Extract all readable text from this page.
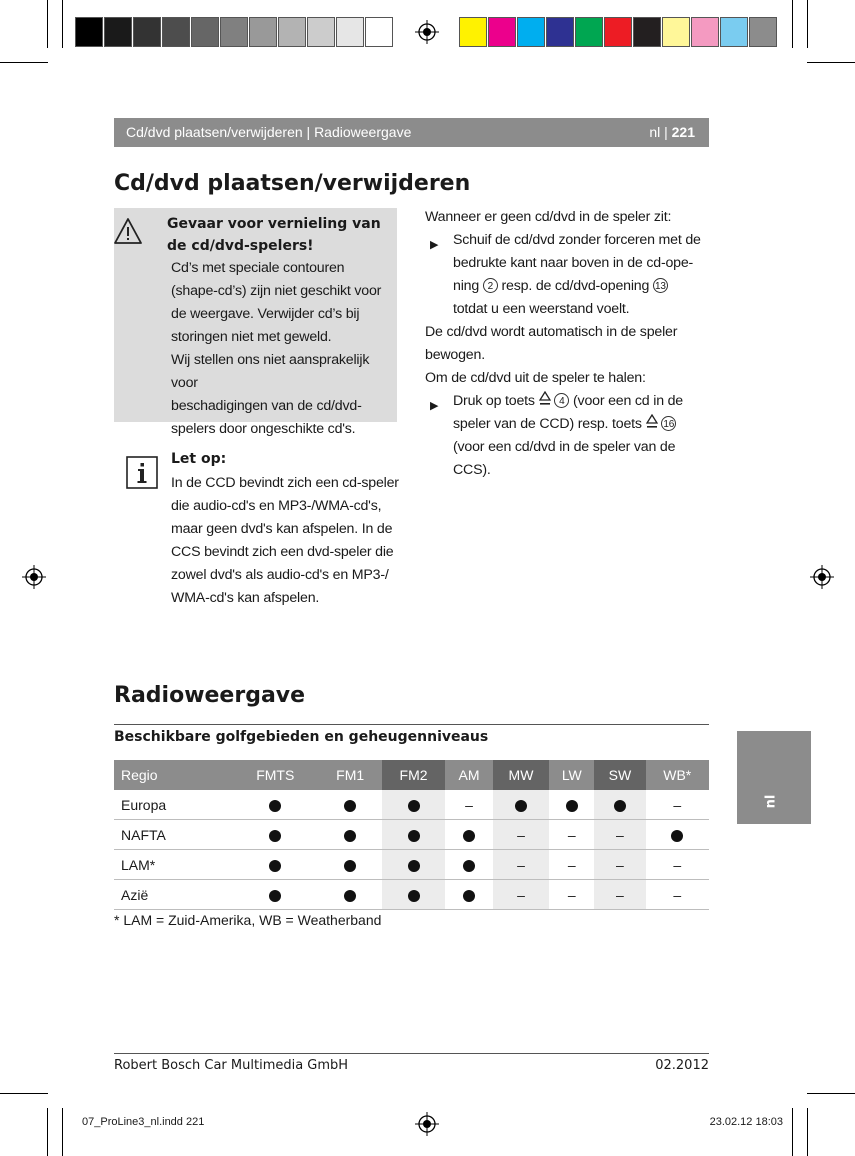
Cd/dvd plaatsen/verwijderen | Radioweergave	nl | 221
Cd/dvd plaatsen/verwijderen
Gevaar voor vernieling van
de cd/dvd-spelers!
Cd’s met speciale contouren
(shape-cd’s) zijn niet geschikt voor
de weergave. Verwijder cd’s bij
storingen niet met geweld.
Wij stellen ons niet aansprakelijk voor
beschadigingen van de cd/dvd-
spelers door ongeschikte cd's.
Let op:
In de CCD bevindt zich een cd-speler
die audio-cd's en MP3-/WMA-cd's,
maar geen dvd's kan afspelen. In de
CCS bevindt zich een dvd-speler die
zowel dvd's als audio-cd's en MP3-/
WMA-cd's kan afspelen.
Wanneer er geen cd/dvd in de speler zit:
▶ Schuif de cd/dvd zonder forceren met de
bedrukte kant naar boven in de cd-ope-
ning 2 resp. de cd/dvd-opening 13
totdat u een weerstand voelt.
De cd/dvd wordt automatisch in de speler
bewogen.
Om de cd/dvd uit de speler te halen:
▶ Druk op toets 4 (voor een cd in de
speler van de CCD) resp. toets 16
(voor een cd/dvd in de speler van de
CCS).
Radioweergave
Beschikbare golfgebieden en geheugenniveaus
Regio	FMTS	FM1	FM2	AM	MW	LW	SW	WB*
Europa				–				–
NAFTA					–	–	–	
LAM*					–	–	–	–
Azië					–	–	–	–
* LAM = Zuid-Amerika, WB = Weatherband
nl
Robert Bosch Car Multimedia GmbH	02.2012
07_ProLine3_nl.indd 221	23.02.12 18:03
